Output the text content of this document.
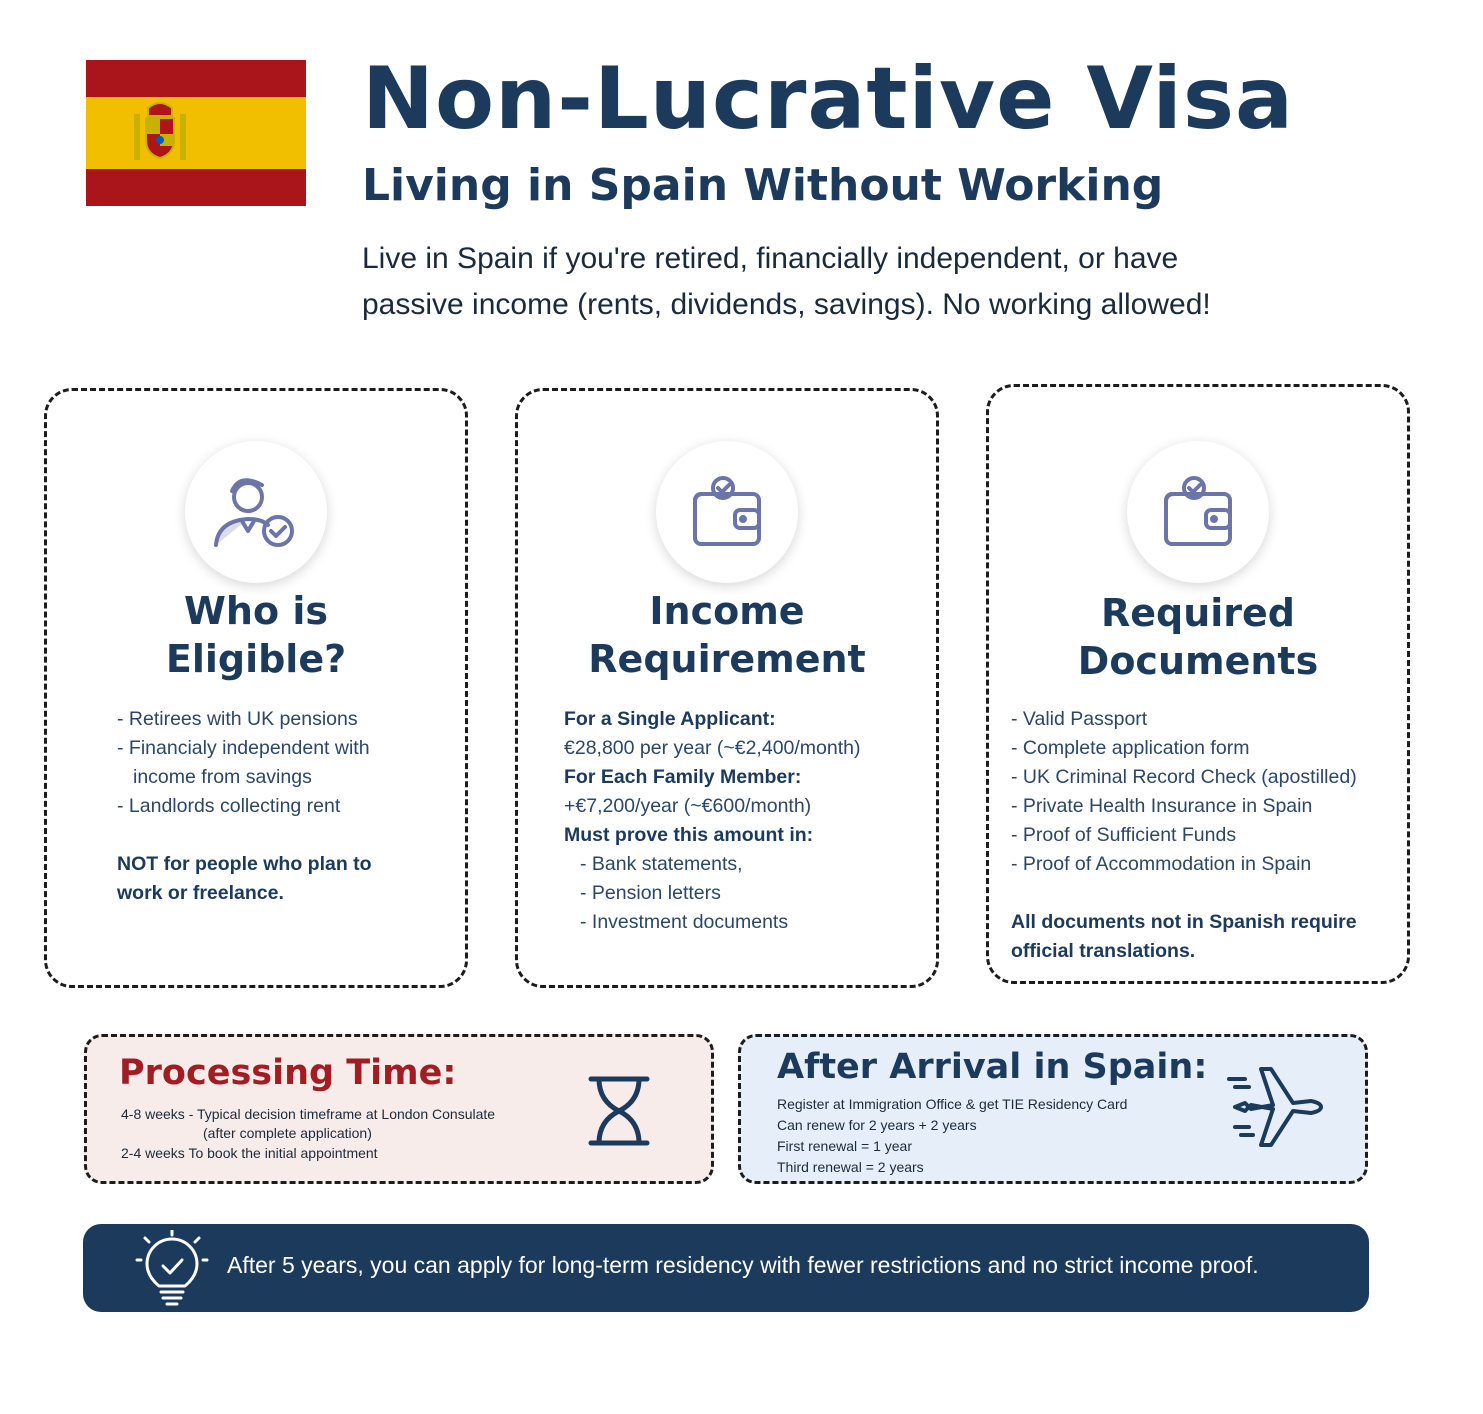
Non-Lucrative Visa
Living in Spain Without Working
Live in Spain if you're retired, financially independent, or have
passive income (rents, dividends, savings). No working allowed!
Who is
Eligible?
- Retirees with UK pensions
- Financialy independent with
income from savings
- Landlords collecting rent
NOT for people who plan to
work or freelance.
Income
Requirement
For a Single Applicant:
€28,800 per year (~€2,400/month)
For Each Family Member:
+€7,200/year (~€600/month)
Must prove this amount in:
- Bank statements,
- Pension letters
- Investment documents
Required
Documents
- Valid Passport
- Complete application form
- UK Criminal Record Check (apostilled)
- Private Health Insurance in Spain
- Proof of Sufficient Funds
- Proof of Accommodation in Spain
All documents not in Spanish require
official translations.
Processing Time:
4-8 weeks - Typical decision timeframe at London Consulate
(after complete application)
2-4 weeks To book the initial appointment
After Arrival in Spain:
Register at Immigration Office & get TIE Residency Card
Can renew for 2 years + 2 years
First renewal = 1 year
Third renewal = 2 years
After 5 years, you can apply for long-term residency with fewer restrictions and no strict income proof.
